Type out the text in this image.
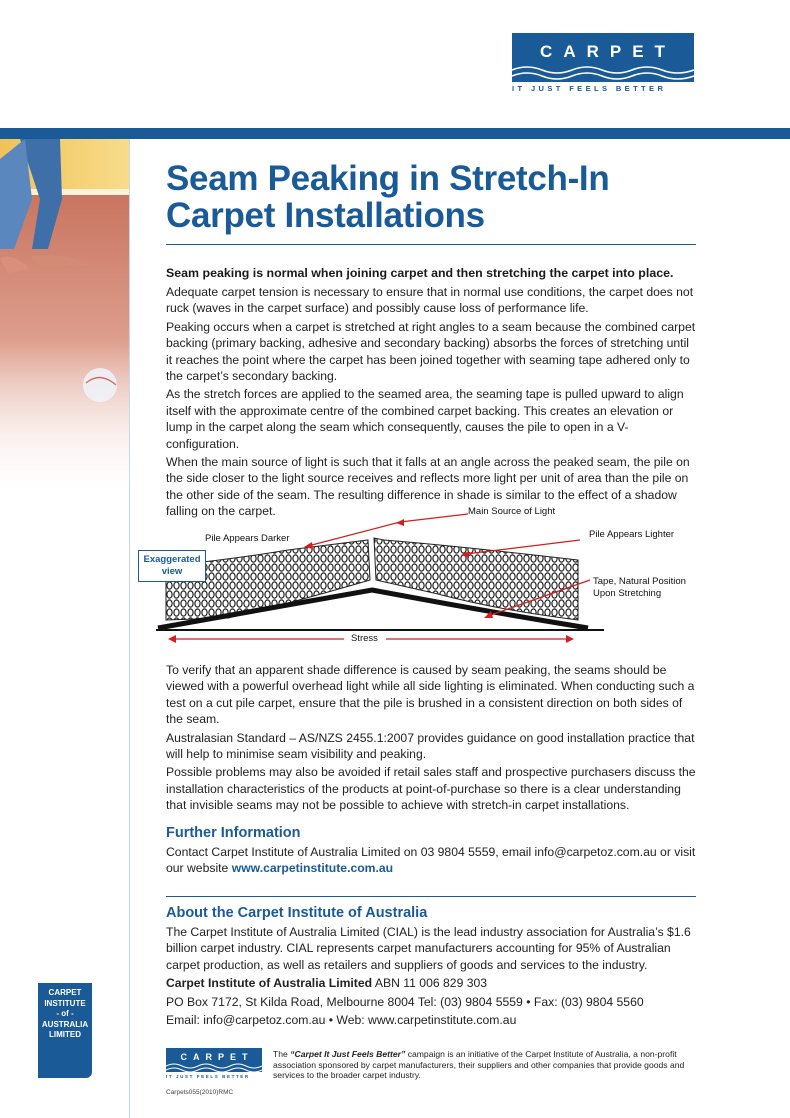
CARPET
IT JUST FEELS BETTER
Seam Peaking in Stretch-In Carpet Installations
Seam peaking is normal when joining carpet and then stretching the carpet into place.
Adequate carpet tension is necessary to ensure that in normal use conditions, the carpet does not ruck (waves in the carpet surface) and possibly cause loss of performance life.
Peaking occurs when a carpet is stretched at right angles to a seam because the combined carpet backing (primary backing, adhesive and secondary backing) absorbs the forces of stretching until it reaches the point where the carpet has been joined together with seaming tape adhered only to the carpet’s secondary backing.
As the stretch forces are applied to the seamed area, the seaming tape is pulled upward to align itself with the approximate centre of the combined carpet backing. This creates an elevation or lump in the carpet along the seam which consequently, causes the pile to open in a V-configuration.
When the main source of light is such that it falls at an angle across the peaked seam, the pile on the side closer to the light source receives and reflects more light per unit of area than the pile on the other side of the seam. The resulting difference in shade is similar to the effect of a shadow falling on the carpet.	Main Source of Light
Pile Appears Darker	Pile Appears Lighter
Exaggerated view
Tape, Natural Position
Upon Stretching
Stress
To verify that an apparent shade difference is caused by seam peaking, the seams should be viewed with a powerful overhead light while all side lighting is eliminated. When conducting such a test on a cut pile carpet, ensure that the pile is brushed in a consistent direction on both sides of the seam.
Australasian Standard – AS/NZS 2455.1:2007 provides guidance on good installation practice that will help to minimise seam visibility and peaking.
Possible problems may also be avoided if retail sales staff and prospective purchasers discuss the installation characteristics of the products at point-of-purchase so there is a clear understanding that invisible seams may not be possible to achieve with stretch-in carpet installations.
Further Information
Contact Carpet Institute of Australia Limited on 03 9804 5559, email info@carpetoz.com.au or visit our website www.carpetinstitute.com.au
About the Carpet Institute of Australia
The Carpet Institute of Australia Limited (CIAL) is the lead industry association for Australia’s $1.6 billion carpet industry. CIAL represents carpet manufacturers accounting for 95% of Australian carpet production, as well as retailers and suppliers of goods and services to the industry.
Carpet Institute of Australia Limited ABN 11 006 829 303
PO Box 7172, St Kilda Road, Melbourne 8004 Tel: (03) 9804 5559 • Fax: (03) 9804 5560
Email: info@carpetoz.com.au • Web: www.carpetinstitute.com.au
CARPET
INSTITUTE
- of -
AUSTRALIA
LIMITED
CARPET
IT JUST FEELS BETTER
The “Carpet It Just Feels Better” campaign is an initiative of the Carpet Institute of Australia, a non-profit association sponsored by carpet manufacturers, their suppliers and other companies that provide goods and services to the broader carpet industry.
Carpets055(2010)RMC
